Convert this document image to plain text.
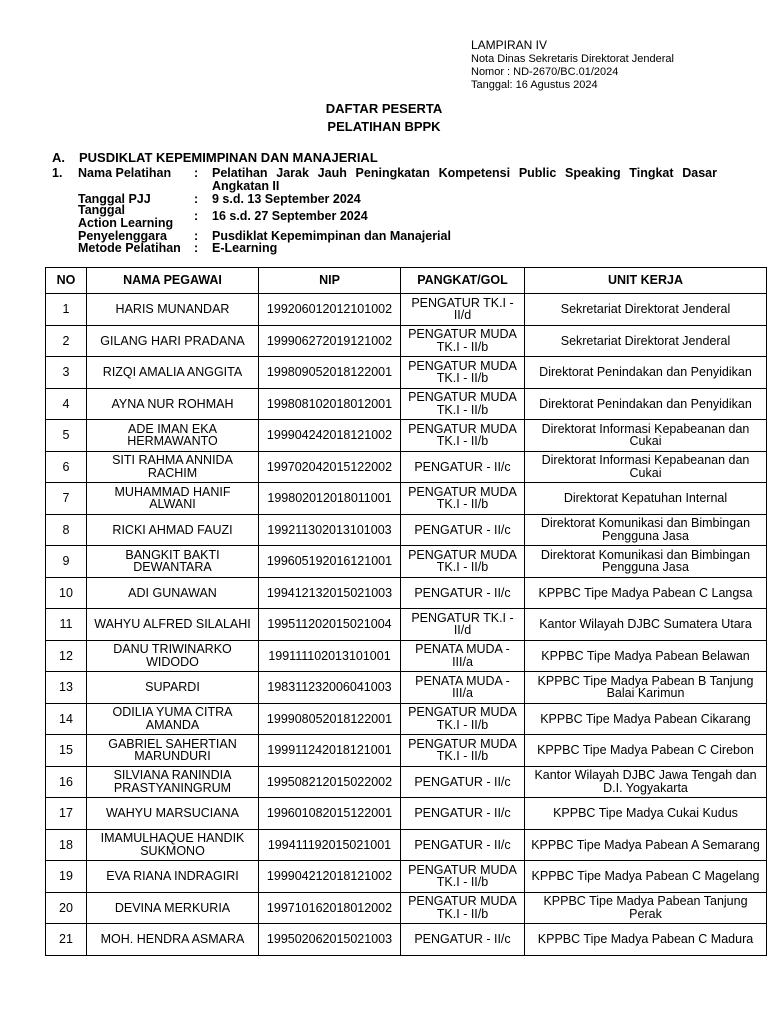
LAMPIRAN IV
Nota Dinas Sekretaris Direktorat Jenderal
Nomor : ND-2670/BC.01/2024
Tanggal: 16 Agustus 2024
DAFTAR PESERTA
PELATIHAN BPPK
A. PUSDIKLAT KEPEMIMPINAN DAN MANAJERIAL
1. Nama Pelatihan : Pelatihan Jarak Jauh Peningkatan Kompetensi Public Speaking Tingkat Dasar
Angkatan II
Tanggal PJJ	: 9 s.d. 13 September 2024
Tanggal	: 16 s.d. 27 September 2024
Action Learning
Penyelenggara : Pusdiklat Kepemimpinan dan Manajerial
Metode Pelatihan : E-Learning
NO	NAMA PEGAWAI	NIP	PANGKAT/GOL	UNIT KERJA
1	HARIS MUNANDAR	199206012012101002	PENGATUR TK.I - II/d	Sekretariat Direktorat Jenderal
2	GILANG HARI PRADANA	199906272019121002	PENGATUR MUDA TK.I - II/b	Sekretariat Direktorat Jenderal
3	RIZQI AMALIA ANGGITA	199809052018122001	PENGATUR MUDA TK.I - II/b	Direktorat Penindakan dan Penyidikan
4	AYNA NUR ROHMAH	199808102018012001	PENGATUR MUDA TK.I - II/b	Direktorat Penindakan dan Penyidikan
5	ADE IMAN EKA HERMAWANTO	199904242018121002	PENGATUR MUDA TK.I - II/b	Direktorat Informasi Kepabeanan dan Cukai
6	SITI RAHMA ANNIDA RACHIM	199702042015122002	PENGATUR - II/c	Direktorat Informasi Kepabeanan dan Cukai
7	MUHAMMAD HANIF ALWANI	199802012018011001	PENGATUR MUDA TK.I - II/b	Direktorat Kepatuhan Internal
8	RICKI AHMAD FAUZI	199211302013101003	PENGATUR - II/c	Direktorat Komunikasi dan Bimbingan Pengguna Jasa
9	BANGKIT BAKTI DEWANTARA	199605192016121001	PENGATUR MUDA TK.I - II/b	Direktorat Komunikasi dan Bimbingan Pengguna Jasa
10	ADI GUNAWAN	199412132015021003	PENGATUR - II/c	KPPBC Tipe Madya Pabean C Langsa
11	WAHYU ALFRED SILALAHI	199511202015021004	PENGATUR TK.I - II/d	Kantor Wilayah DJBC Sumatera Utara
12	DANU TRIWINARKO WIDODO	199111102013101001	PENATA MUDA - III/a	KPPBC Tipe Madya Pabean Belawan
13	SUPARDI	198311232006041003	PENATA MUDA - III/a	KPPBC Tipe Madya Pabean B Tanjung Balai Karimun
14	ODILIA YUMA CITRA AMANDA	199908052018122001	PENGATUR MUDA TK.I - II/b	KPPBC Tipe Madya Pabean Cikarang
15	GABRIEL SAHERTIAN MARUNDURI	199911242018121001	PENGATUR MUDA TK.I - II/b	KPPBC Tipe Madya Pabean C Cirebon
16	SILVIANA RANINDIA PRASTYANINGRUM	199508212015022002	PENGATUR - II/c	Kantor Wilayah DJBC Jawa Tengah dan D.I. Yogyakarta
17	WAHYU MARSUCIANA	199601082015122001	PENGATUR - II/c	KPPBC Tipe Madya Cukai Kudus
18	IMAMULHAQUE HANDIK SUKMONO	199411192015021001	PENGATUR - II/c	KPPBC Tipe Madya Pabean A Semarang
19	EVA RIANA INDRAGIRI	199904212018121002	PENGATUR MUDA TK.I - II/b	KPPBC Tipe Madya Pabean C Magelang
20	DEVINA MERKURIA	199710162018012002	PENGATUR MUDA TK.I - II/b	KPPBC Tipe Madya Pabean Tanjung Perak
21	MOH. HENDRA ASMARA	199502062015021003	PENGATUR - II/c	KPPBC Tipe Madya Pabean C Madura
